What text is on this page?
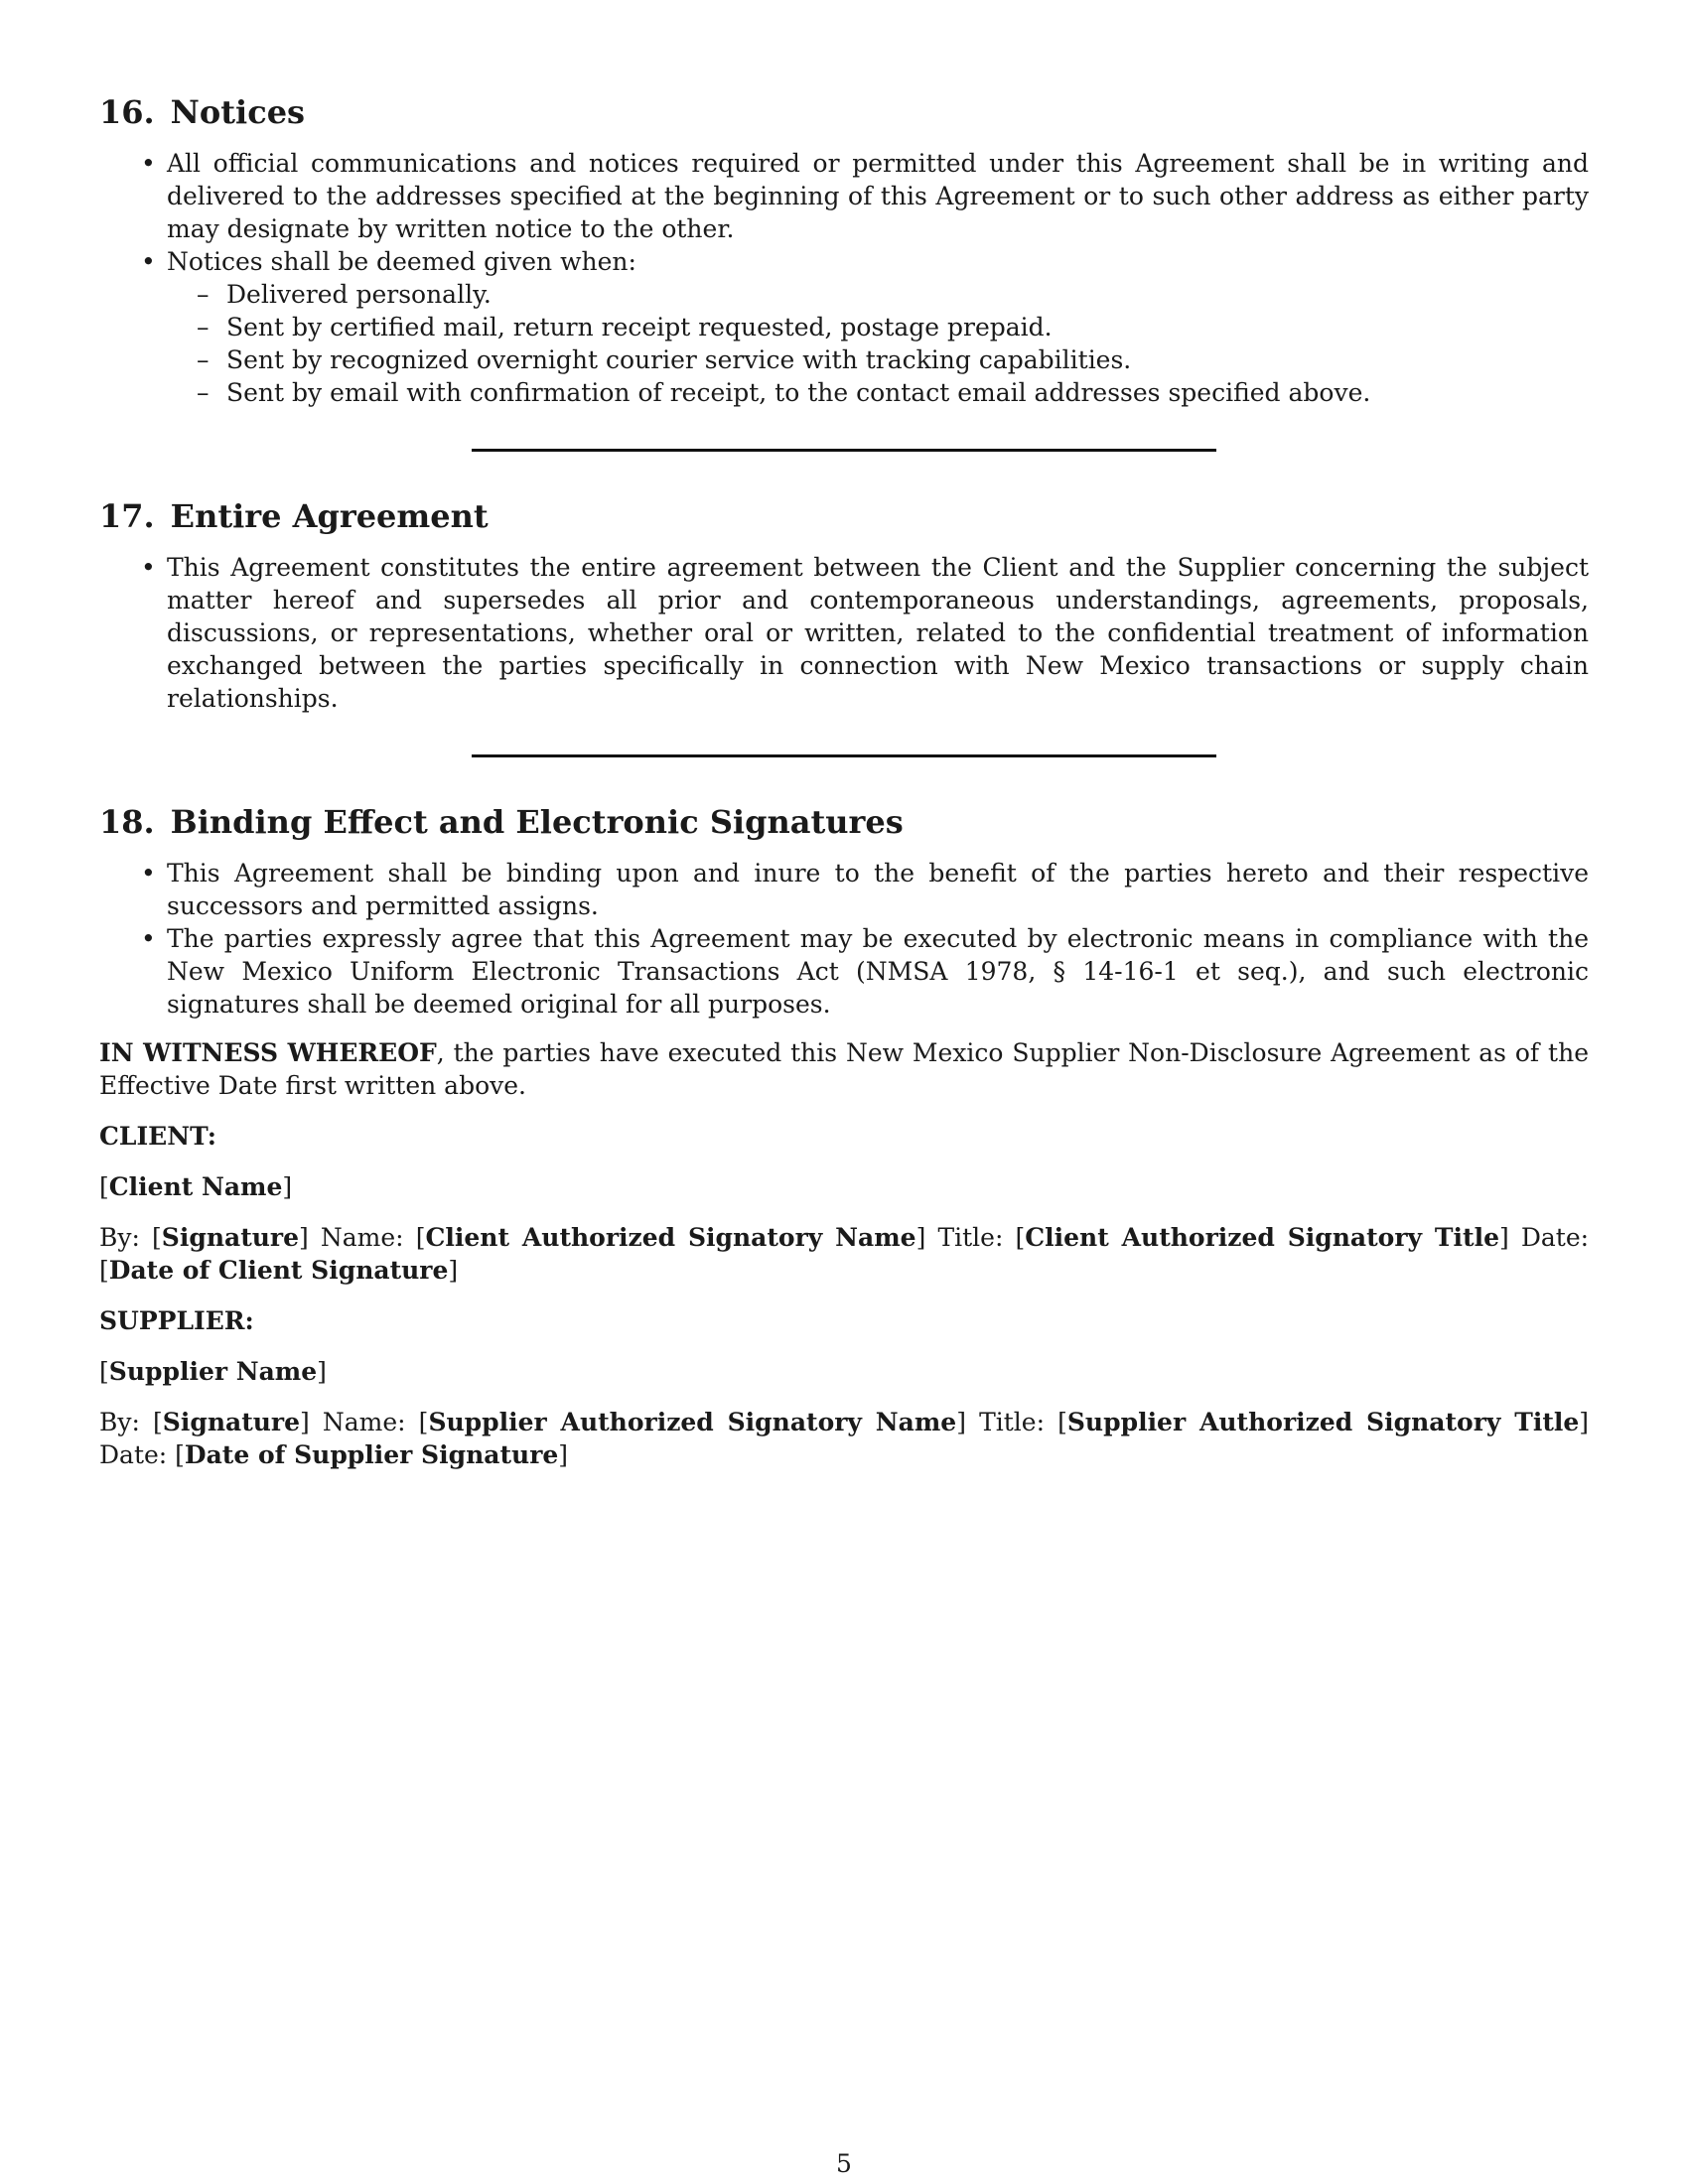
16. Notices
• All official communications and notices required or permitted under this Agreement shall be in writing and delivered to the addresses specified at the beginning of this Agreement or to such other address as either party may designate by written notice to the other.
• Notices shall be deemed given when:
– Delivered personally.
– Sent by certified mail, return receipt requested, postage prepaid.
– Sent by recognized overnight courier service with tracking capabilities.
– Sent by email with confirmation of receipt, to the contact email addresses specified above.
17. Entire Agreement
• This Agreement constitutes the entire agreement between the Client and the Supplier concerning the subject matter hereof and supersedes all prior and contemporaneous understandings, agreements, proposals, discussions, or representations, whether oral or written, related to the confidential treatment of information exchanged between the parties specifically in connection with New Mexico transactions or supply chain relationships.
18. Binding Effect and Electronic Signatures
• This Agreement shall be binding upon and inure to the benefit of the parties hereto and their respective successors and permitted assigns.
• The parties expressly agree that this Agreement may be executed by electronic means in compliance with the New Mexico Uniform Electronic Transactions Act (NMSA 1978, § 14-16-1 et seq.), and such electronic signatures shall be deemed original for all purposes.

IN WITNESS WHEREOF, the parties have executed this New Mexico Supplier Non-Disclosure Agreement as of the Effective Date first written above.

CLIENT:

[Client Name]

By: [Signature] Name: [Client Authorized Signatory Name] Title: [Client Authorized Signatory Title] Date: [Date of Client Signature]

SUPPLIER:

[Supplier Name]

By: [Signature] Name: [Supplier Authorized Signatory Name] Title: [Supplier Authorized Signatory Title] Date: [Date of Supplier Signature]

5
